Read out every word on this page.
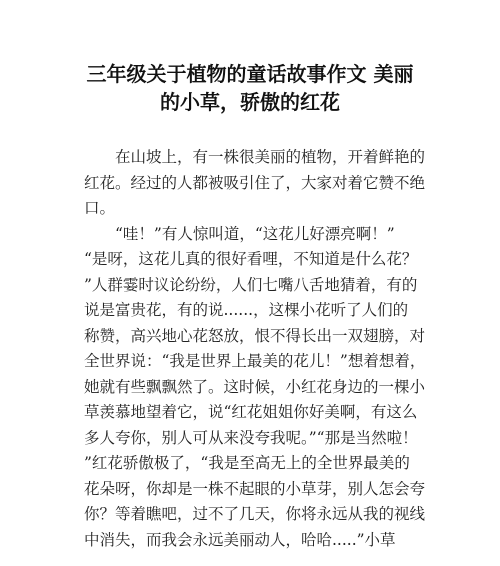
三年级关于植物的童话故事作文 美丽
的小草，骄傲的红花
　　在山坡上，有一株很美丽的植物，开着鲜艳的
红花。经过的人都被吸引住了，大家对着它赞不绝
口。
　　“哇！”有人惊叫道，“这花儿好漂亮啊！”
“是呀，这花儿真的很好看哩，不知道是什么花？
”人群霎时议论纷纷，人们七嘴八舌地猜着，有的
说是富贵花，有的说......，这棵小花听了人们的
称赞，高兴地心花怒放，恨不得长出一双翅膀，对
全世界说：“我是世界上最美的花儿！”想着想着，
她就有些飘飘然了。这时候，小红花身边的一棵小
草羡慕地望着它，说“红花姐姐你好美啊，有这么
多人夸你，别人可从来没夸我呢。”“那是当然啦！
”红花骄傲极了，“我是至高无上的全世界最美的
花朵呀，你却是一株不起眼的小草芽，别人怎会夸
你？等着瞧吧，过不了几天，你将永远从我的视线
中消失，而我会永远美丽动人，哈哈.....”小草
